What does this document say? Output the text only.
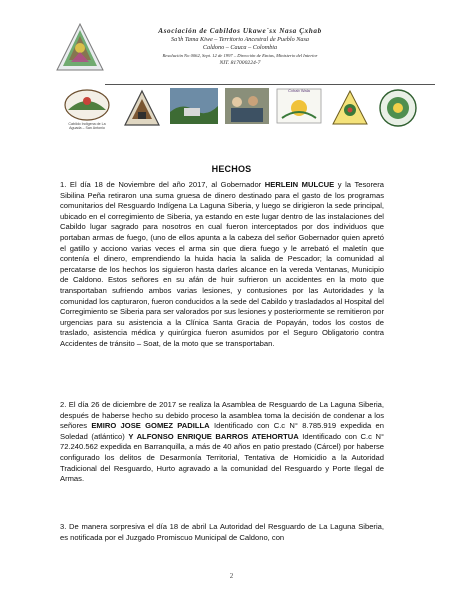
Asociación de Cabildos Ukawe´sx Nasa Çxhab
Sa'th Tama Kiwe – Territorio Ancestral de Pueblo Nasa
Caldono – Cauca – Colombia
Resolución No 0062, Sept. 12 de 1997 – Dirección de Etnias, Ministerio del Interior
NIT. 817000224-7
Cabildo Indígena de La Aguada – San Antonio
Cxhab Wala
HECHOS

1. El día 18 de Noviembre del año 2017, al Gobernador HERLEIN MULCUE y la Tesorera Sibilina Peña retiraron una suma gruesa de dinero destinado para el gasto de los programas comunitarios del Resguardo Indígena La Laguna Siberia, y luego se dirigieron la sede principal, ubicado en el corregimiento de Siberia, ya estando en este lugar dentro de las instalaciones del Cabildo lugar sagrado para nosotros en cual fueron interceptados por dos individuos que portaban armas de fuego, (uno de ellos apunta a la cabeza del señor Gobernador quien apretó el gatillo y acciono varias veces el arma sin que diera fuego y le arrebató el maletín que contenía el dinero, emprendiendo la huida hacia la salida de Pescador; la comunidad al percatarse de los hechos los siguieron hasta darles alcance en la vereda Ventanas, Municipio de Caldono. Estos señores en su afán de huir sufrieron un accidentes en la moto que transportaban sufriendo ambos varias lesiones, y contusiones por las Autoridades y la comunidad los capturaron, fueron conducidos a la sede del Cabildo y trasladados al Hospital del Corregimiento se Siberia para ser valorados por sus lesiones y posteriormente se remitieron por urgencias para su asistencia a la Clínica Santa Gracia de Popayán, todos los costos de traslado, asistencia médica y quirúrgica fueron asumidos por el Seguro Obligatorio contra Accidentes de tránsito – Soat, de la moto que se transportaban.

2. El día 26 de diciembre de 2017 se realiza la Asamblea de Resguardo de La Laguna Siberia, después de haberse hecho su debido proceso la asamblea toma la decisión de condenar a los señores EMIRO JOSE GOMEZ PADILLA Identificado con C.c N° 8.785.919 expedida en Soledad (atlántico) Y ALFONSO ENRIQUE BARROS ATEHORTUA Identificado con C.c N° 72.240.562 expedida en Barranquilla, a más de 40 años en patio prestado (Cárcel) por haberse configurado los delitos de Desarmonía Territorial, Tentativa de Homicidio a la Autoridad Tradicional del Resguardo, Hurto agravado a la comunidad del Resguardo y Porte Ilegal de Armas.

3. De manera sorpresiva el día 18 de abril La Autoridad del Resguardo de La Laguna Siberia, es notificada por el Juzgado Promiscuo Municipal de Caldono, con

2
